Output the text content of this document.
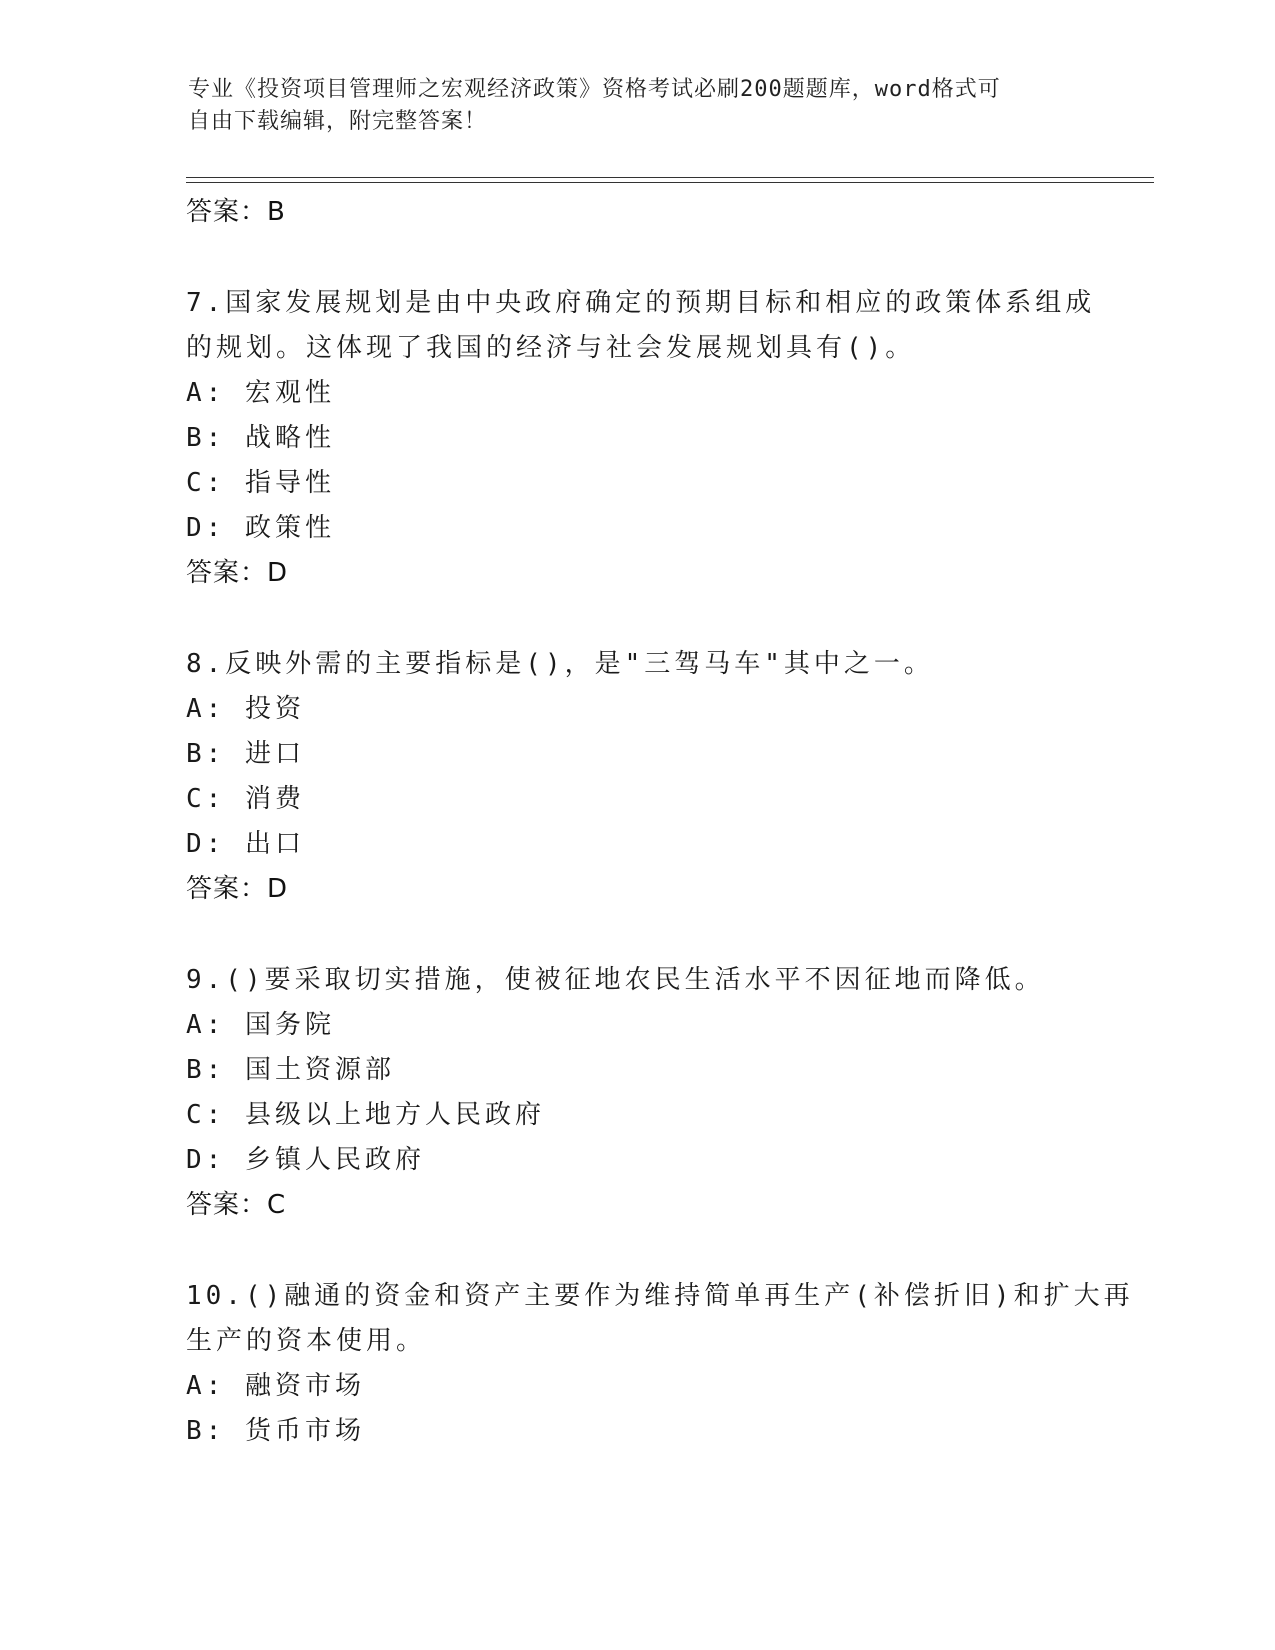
专业《投资项目管理师之宏观经济政策》资格考试必刷200题题库，word格式可
自由下载编辑，附完整答案！
答案：B
7.国家发展规划是由中央政府确定的预期目标和相应的政策体系组成
的规划。这体现了我国的经济与社会发展规划具有()。
A: 宏观性
B: 战略性
C: 指导性
D: 政策性
答案：D
8.反映外需的主要指标是()，是"三驾马车"其中之一。
A: 投资
B: 进口
C: 消费
D: 出口
答案：D
9.()要采取切实措施，使被征地农民生活水平不因征地而降低。
A: 国务院
B: 国土资源部
C: 县级以上地方人民政府
D: 乡镇人民政府
答案：C
10.()融通的资金和资产主要作为维持简单再生产(补偿折旧)和扩大再
生产的资本使用。
A: 融资市场
B: 货币市场
